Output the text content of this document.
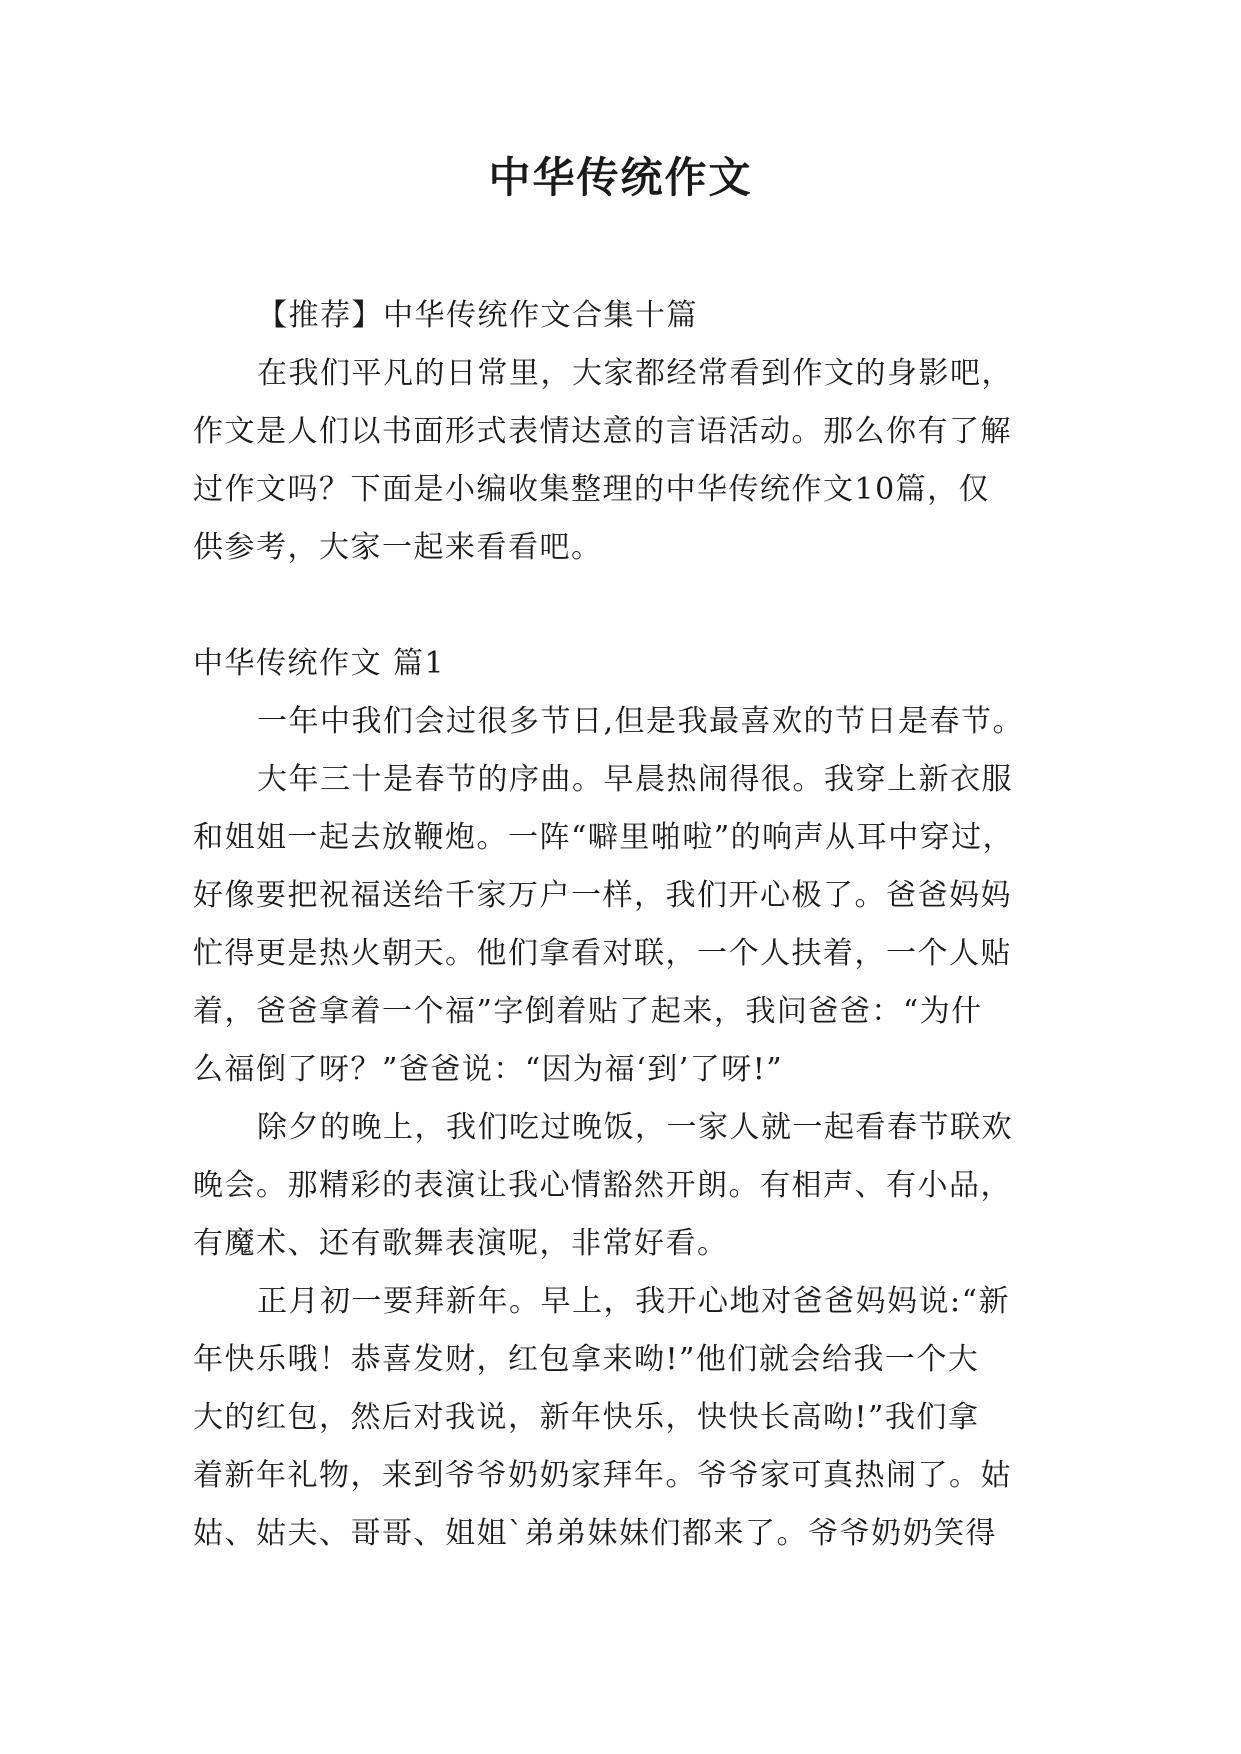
中华传统作文
【推荐】中华传统作文合集十篇
在我们平凡的日常里，大家都经常看到作文的身影吧，
作文是人们以书面形式表情达意的言语活动。那么你有了解
过作文吗？下面是小编收集整理的中华传统作文10篇，仅
供参考，大家一起来看看吧。
中华传统作文 篇1
一年中我们会过很多节日,但是我最喜欢的节日是春节。
大年三十是春节的序曲。早晨热闹得很。我穿上新衣服
和姐姐一起去放鞭炮。一阵“噼里啪啦”的响声从耳中穿过，
好像要把祝福送给千家万户一样，我们开心极了。爸爸妈妈
忙得更是热火朝天。他们拿看对联，一个人扶着，一个人贴
着，爸爸拿着一个福”字倒着贴了起来，我问爸爸：“为什
么福倒了呀？”爸爸说：“因为福‘到’了呀!”
除夕的晚上，我们吃过晚饭，一家人就一起看春节联欢
晚会。那精彩的表演让我心情豁然开朗。有相声、有小品，
有魔术、还有歌舞表演呢，非常好看。
正月初一要拜新年。早上，我开心地对爸爸妈妈说:“新
年快乐哦！恭喜发财，红包拿来呦!”他们就会给我一个大
大的红包，然后对我说，新年快乐，快快长高呦!”我们拿
着新年礼物，来到爷爷奶奶家拜年。爷爷家可真热闹了。姑
姑、姑夫、哥哥、姐姐`弟弟妹妹们都来了。爷爷奶奶笑得
